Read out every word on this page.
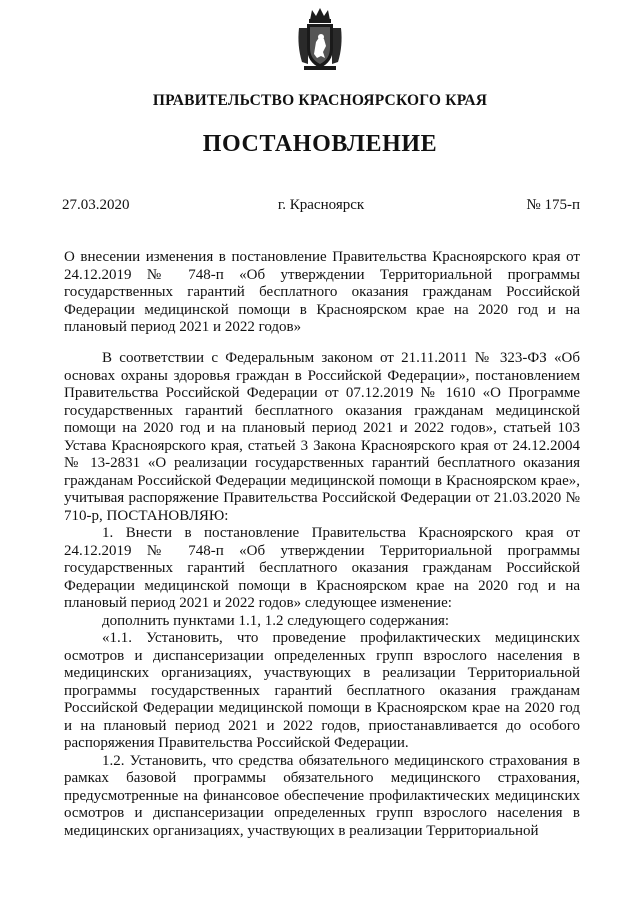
ПРАВИТЕЛЬСТВО КРАСНОЯРСКОГО КРАЯ
ПОСТАНОВЛЕНИЕ
г. Красноярск
27.03.2020	№ 175-п

О внесении изменения в постановление Правительства Красноярского края от 24.12.2019 № 748-п «Об утверждении Территориальной программы государственных гарантий бесплатного оказания гражданам Российской Федерации медицинской помощи в Красноярском крае на 2020 год и на плановый период 2021 и 2022 годов»

В соответствии с Федеральным законом от 21.11.2011 № 323-ФЗ «Об основах охраны здоровья граждан в Российской Федерации», постановлением Правительства Российской Федерации от 07.12.2019 № 1610 «О Программе государственных гарантий бесплатного оказания гражданам медицинской помощи на 2020 год и на плановый период 2021 и 2022 годов», статьей 103 Устава Красноярского края, статьей 3 Закона Красноярского края от 24.12.2004 № 13-2831 «О реализации государственных гарантий бесплатного оказания гражданам Российской Федерации медицинской помощи в Красноярском крае», учитывая распоряжение Правительства Российской Федерации от 21.03.2020 № 710-р, ПОСТАНОВЛЯЮ:

1. Внести в постановление Правительства Красноярского края от 24.12.2019 № 748-п «Об утверждении Территориальной программы государственных гарантий бесплатного оказания гражданам Российской Федерации медицинской помощи в Красноярском крае на 2020 год и на плановый период 2021 и 2022 годов» следующее изменение:

дополнить пунктами 1.1, 1.2 следующего содержания:

«1.1. Установить, что проведение профилактических медицинских осмотров и диспансеризации определенных групп взрослого населения в медицинских организациях, участвующих в реализации Территориальной программы государственных гарантий бесплатного оказания гражданам Российской Федерации медицинской помощи в Красноярском крае на 2020 год и на плановый период 2021 и 2022 годов, приостанавливается до особого распоряжения Правительства Российской Федерации.

1.2. Установить, что средства обязательного медицинского страхования в рамках базовой программы обязательного медицинского страхования, предусмотренные на финансовое обеспечение профилактических медицинских осмотров и диспансеризации определенных групп взрослого населения в медицинских организациях, участвующих в реализации Территориальной
